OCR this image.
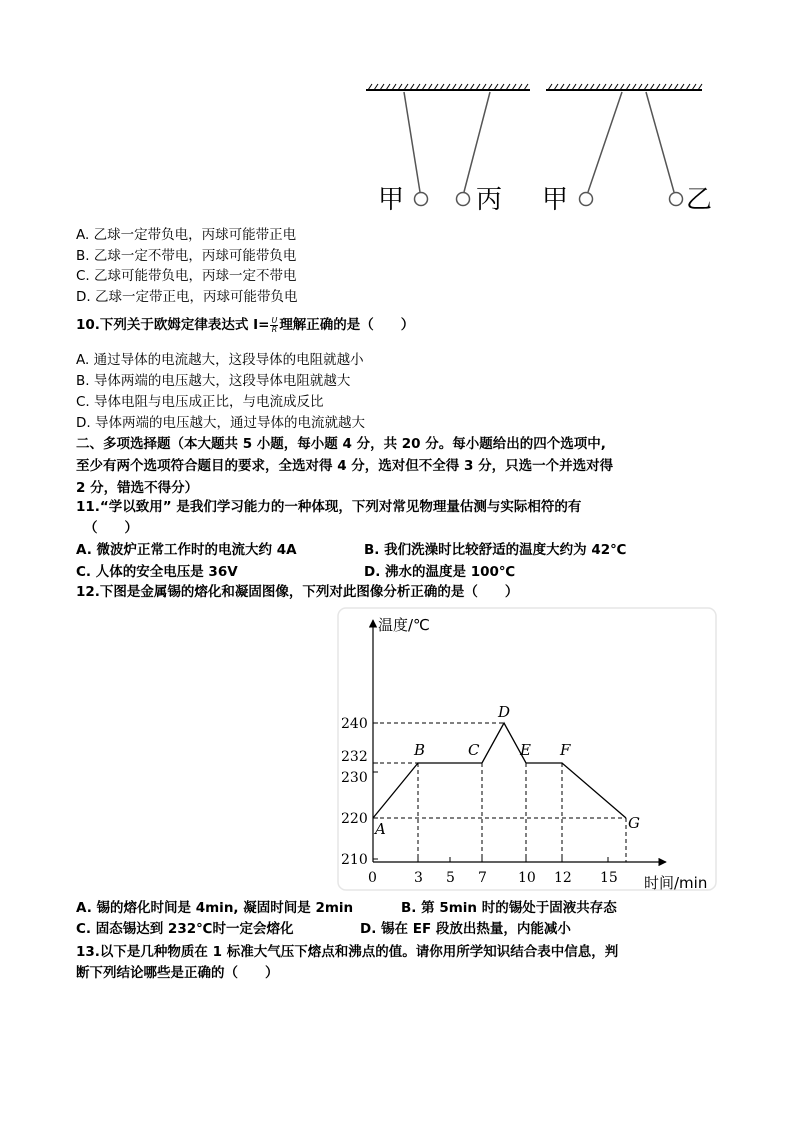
甲	丙 甲	乙
A. 乙球一定带负电，丙球可能带正电
B. 乙球一定不带电，丙球可能带负电
C. 乙球可能带负电，丙球一定不带电
D. 乙球一定带正电，丙球可能带负电
10.下列关于欧姆定律表达式 $I= \frac{U}{R}$ 理解正确的是（　　）
A. 通过导体的电流越大，这段导体的电阻就越小
B. 导体两端的电压越大，这段导体电阻就越大
C. 导体电阻与电压成正比，与电流成反比
D. 导体两端的电压越大，通过导体的电流就越大
二、多项选择题（本大题共 5 小题，每小题 4 分，共 20 分。每小题给出的四个选项中,
至少有两个选项符合题目的要求，全选对得 4 分，选对但不全得 3 分，只选一个并选对得
2 分，错选不得分）
11.“学以致用” 是我们学习能力的一种体现，下列对常见物理量估测与实际相符的有
（　　）
A. 微波炉正常工作时的电流大约 4A	B. 我们洗澡时比较舒适的温度大约为 42℃
C. 人体的安全电压是 36V	D. 沸水的温度是 100℃
12.下图是金属锡的熔化和凝固图像，下列对此图像分析正确的是（　　）
3 5 7 10 12 15
210
220
230
232
240
A
B	C
D
E F
G
温度/℃
时间/min
0
A. 锡的熔化时间是 4min, 凝固时间是 2min	B. 第 5min 时的锡处于固液共存态
C. 固态锡达到 232℃时一定会熔化	D. 锡在 EF 段放出热量，内能减小
13.以下是几种物质在 1 标准大气压下熔点和沸点的值。请你用所学知识结合表中信息，判
断下列结论哪些是正确的（　　）
